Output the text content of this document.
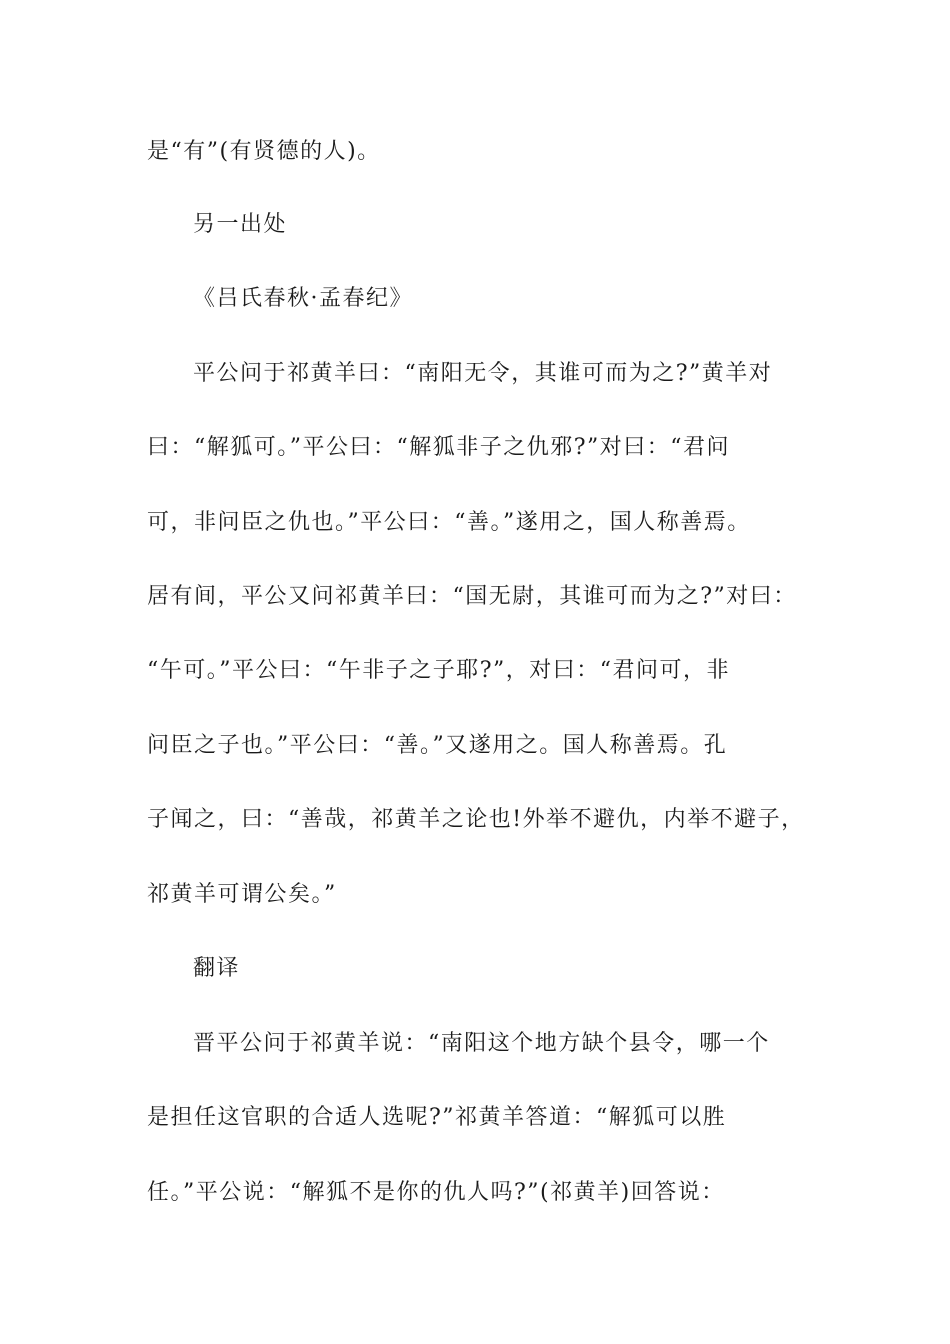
是“有”(有贤德的人)。
另一出处
《吕氏春秋·孟春纪》
平公问于祁黄羊曰：“南阳无令，其谁可而为之?”黄羊对
曰：“解狐可。”平公曰：“解狐非子之仇邪?”对曰：“君问
可，非问臣之仇也。”平公曰：“善。”遂用之，国人称善焉。
居有间，平公又问祁黄羊曰：“国无尉，其谁可而为之?”对曰：
“午可。”平公曰：“午非子之子耶?”，对曰：“君问可，非
问臣之子也。”平公曰：“善。”又遂用之。国人称善焉。孔
子闻之，曰：“善哉，祁黄羊之论也!外举不避仇，内举不避子，
祁黄羊可谓公矣。”
翻译
晋平公问于祁黄羊说：“南阳这个地方缺个县令，哪一个
是担任这官职的合适人选呢?”祁黄羊答道：“解狐可以胜
任。”平公说：“解狐不是你的仇人吗?”(祁黄羊)回答说：
